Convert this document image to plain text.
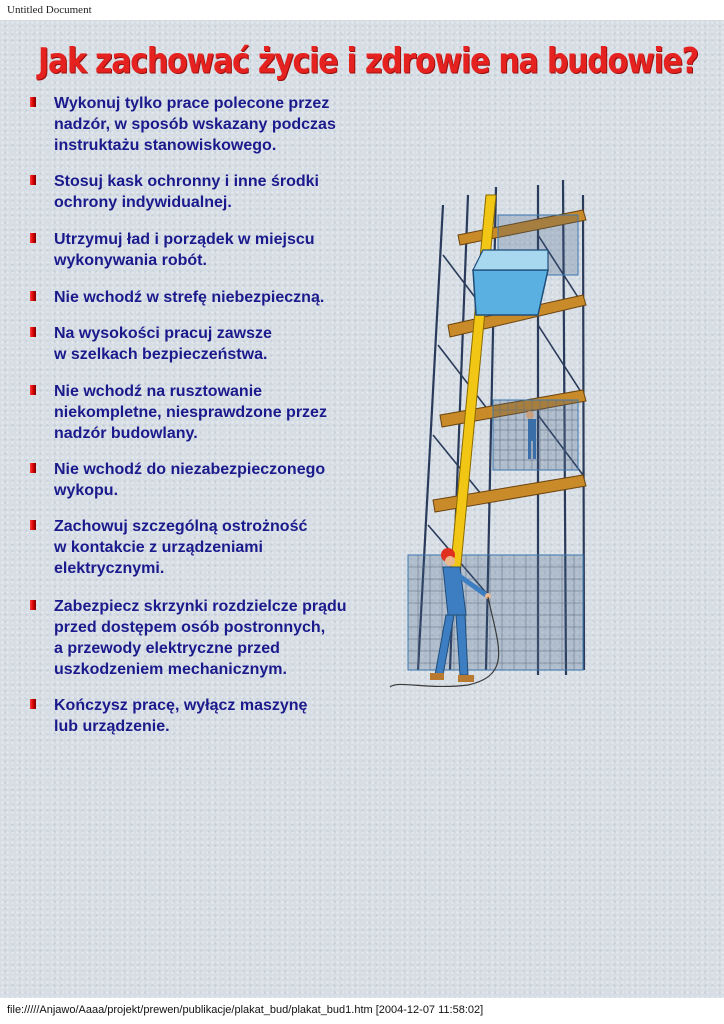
Untitled Document
Jak zachować życie i zdrowie na budowie?
Wykonuj tylko prace polecone przez
nadzór, w sposób wskazany podczas
instruktażu stanowiskowego.
Stosuj kask ochronny i inne środki
ochrony indywidualnej.
Utrzymuj ład i porządek w miejscu
wykonywania robót.
Nie wchodź w strefę niebezpieczną.
Na wysokości pracuj zawsze
w szelkach bezpieczeństwa.
Nie wchodź na rusztowanie
niekompletne, niesprawdzone przez
nadzór budowlany.
Nie wchodź do niezabezpieczonego
wykopu.
Zachowuj szczególną ostrożność
w kontakcie z urządzeniami
elektrycznymi.
Zabezpiecz skrzynki rozdzielcze prądu
przed dostępem osób postronnych,
a przewody elektryczne przed
uszkodzeniem mechanicznym.
Kończysz pracę, wyłącz maszynę
lub urządzenie.
file://///Anjawo/Aaaa/projekt/prewen/publikacje/plakat_bud/plakat_bud1.htm [2004-12-07 11:58:02]
